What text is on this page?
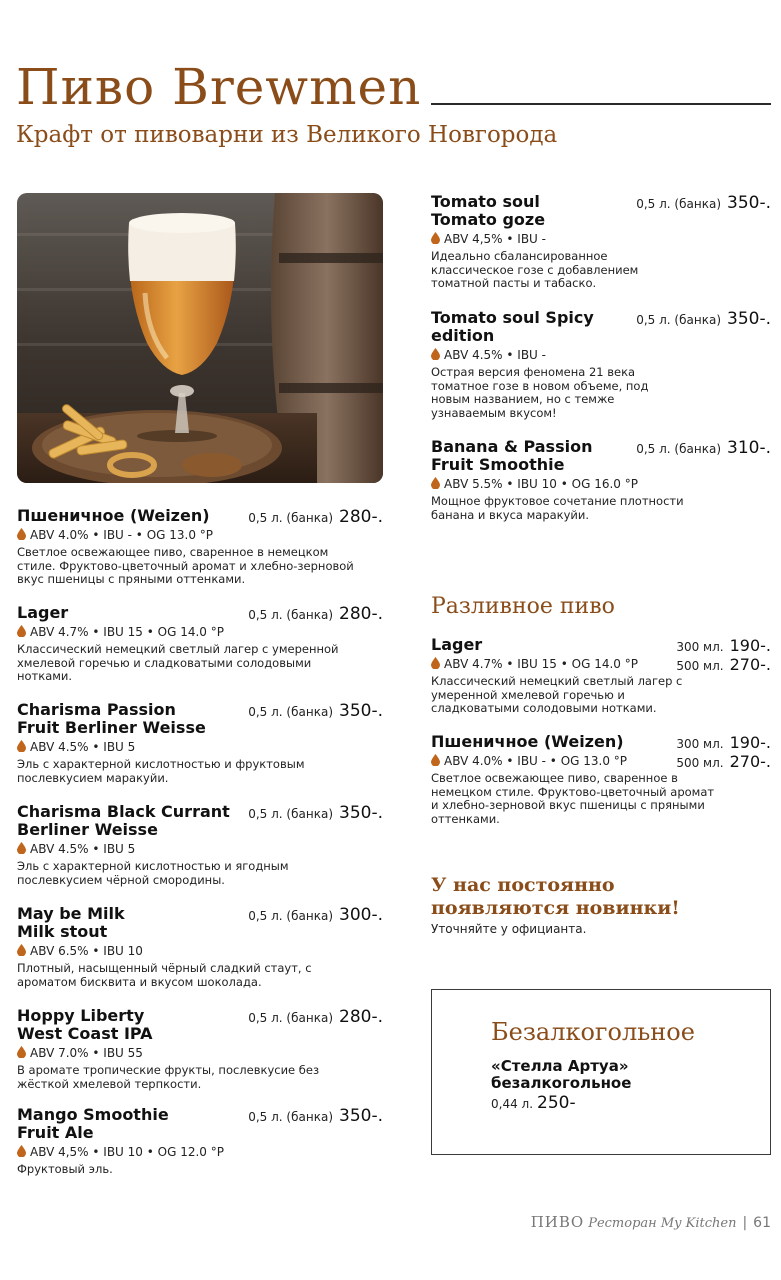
Пиво Brewmen
Крафт от пивоварни из Великого Новгорода
Пшеничное (Weizen)	0,5 л. (банка) 280-.
ABV 4.0% • IBU - • OG 13.0 °P
Светлое освежающее пиво, сваренное в немецком стиле. Фруктово-цветочный аромат и хлебно-зерновой вкус пшеницы с пряными оттенками.
Lager	0,5 л. (банка) 280-.
ABV 4.7% • IBU 15 • OG 14.0 °P
Классический немецкий светлый лагер с умеренной хмелевой горечью и сладковатыми солодовыми нотками.
Charisma Passion Fruit Berliner Weisse
0,5 л. (банка) 350-.
ABV 4.5% • IBU 5
Эль с характерной кислотностью и фруктовым послевкусием маракуйи.
Charisma Black Currant Berliner Weisse
0,5 л. (банка) 350-.
ABV 4.5% • IBU 5
Эль с характерной кислотностью и ягодным послевкусием чёрной смородины.
May be Milk Milk stout
0,5 л. (банка) 300-.
ABV 6.5% • IBU 10
Плотный, насыщенный чёрный сладкий стаут, с ароматом бисквита и вкусом шоколада.
Hoppy Liberty West Coast IPA
0,5 л. (банка) 280-.
ABV 7.0% • IBU 55
В аромате тропические фрукты, послевкусие без жёсткой хмелевой терпкости.
Mango Smoothie Fruit Ale
0,5 л. (банка) 350-.
ABV 4,5% • IBU 10 • OG 12.0 °P
Фруктовый эль.
Tomato soul Tomato goze
0,5 л. (банка) 350-.
ABV 4,5% • IBU -
Идеально сбалансированное классическое гозе с добавлением томатной пасты и табаско.
Tomato soul Spicy edition
0,5 л. (банка) 350-.
ABV 4.5% • IBU -
Острая версия феномена 21 века томатное гозе в новом объеме, под новым названием, но с темже узнаваемым вкусом!
Banana & Passion Fruit Smoothie
0,5 л. (банка) 310-.
ABV 5.5% • IBU 10 • OG 16.0 °P
Мощное фруктовое сочетание плотности банана и вкуса маракуйи.
Разливное пиво
Lager	300 мл. 190-.
500 мл. 270-.
ABV 4.7% • IBU 15 • OG 14.0 °P
Классический немецкий светлый лагер с умеренной хмелевой горечью и сладковатыми солодовыми нотками.
Пшеничное (Weizen)	300 мл. 190-.
500 мл. 270-.
ABV 4.0% • IBU - • OG 13.0 °P
Светлое освежающее пиво, сваренное в немецком стиле. Фруктово-цветочный аромат и хлебно-зерновой вкус пшеницы с пряными оттенками.
У нас постоянно появляются новинки!
Уточняйте у официанта.
Безалкогольное
«Стелла Артуа» безалкогольное
0,44 л. 250-
ПИВО Ресторан My Kitchen | 61
